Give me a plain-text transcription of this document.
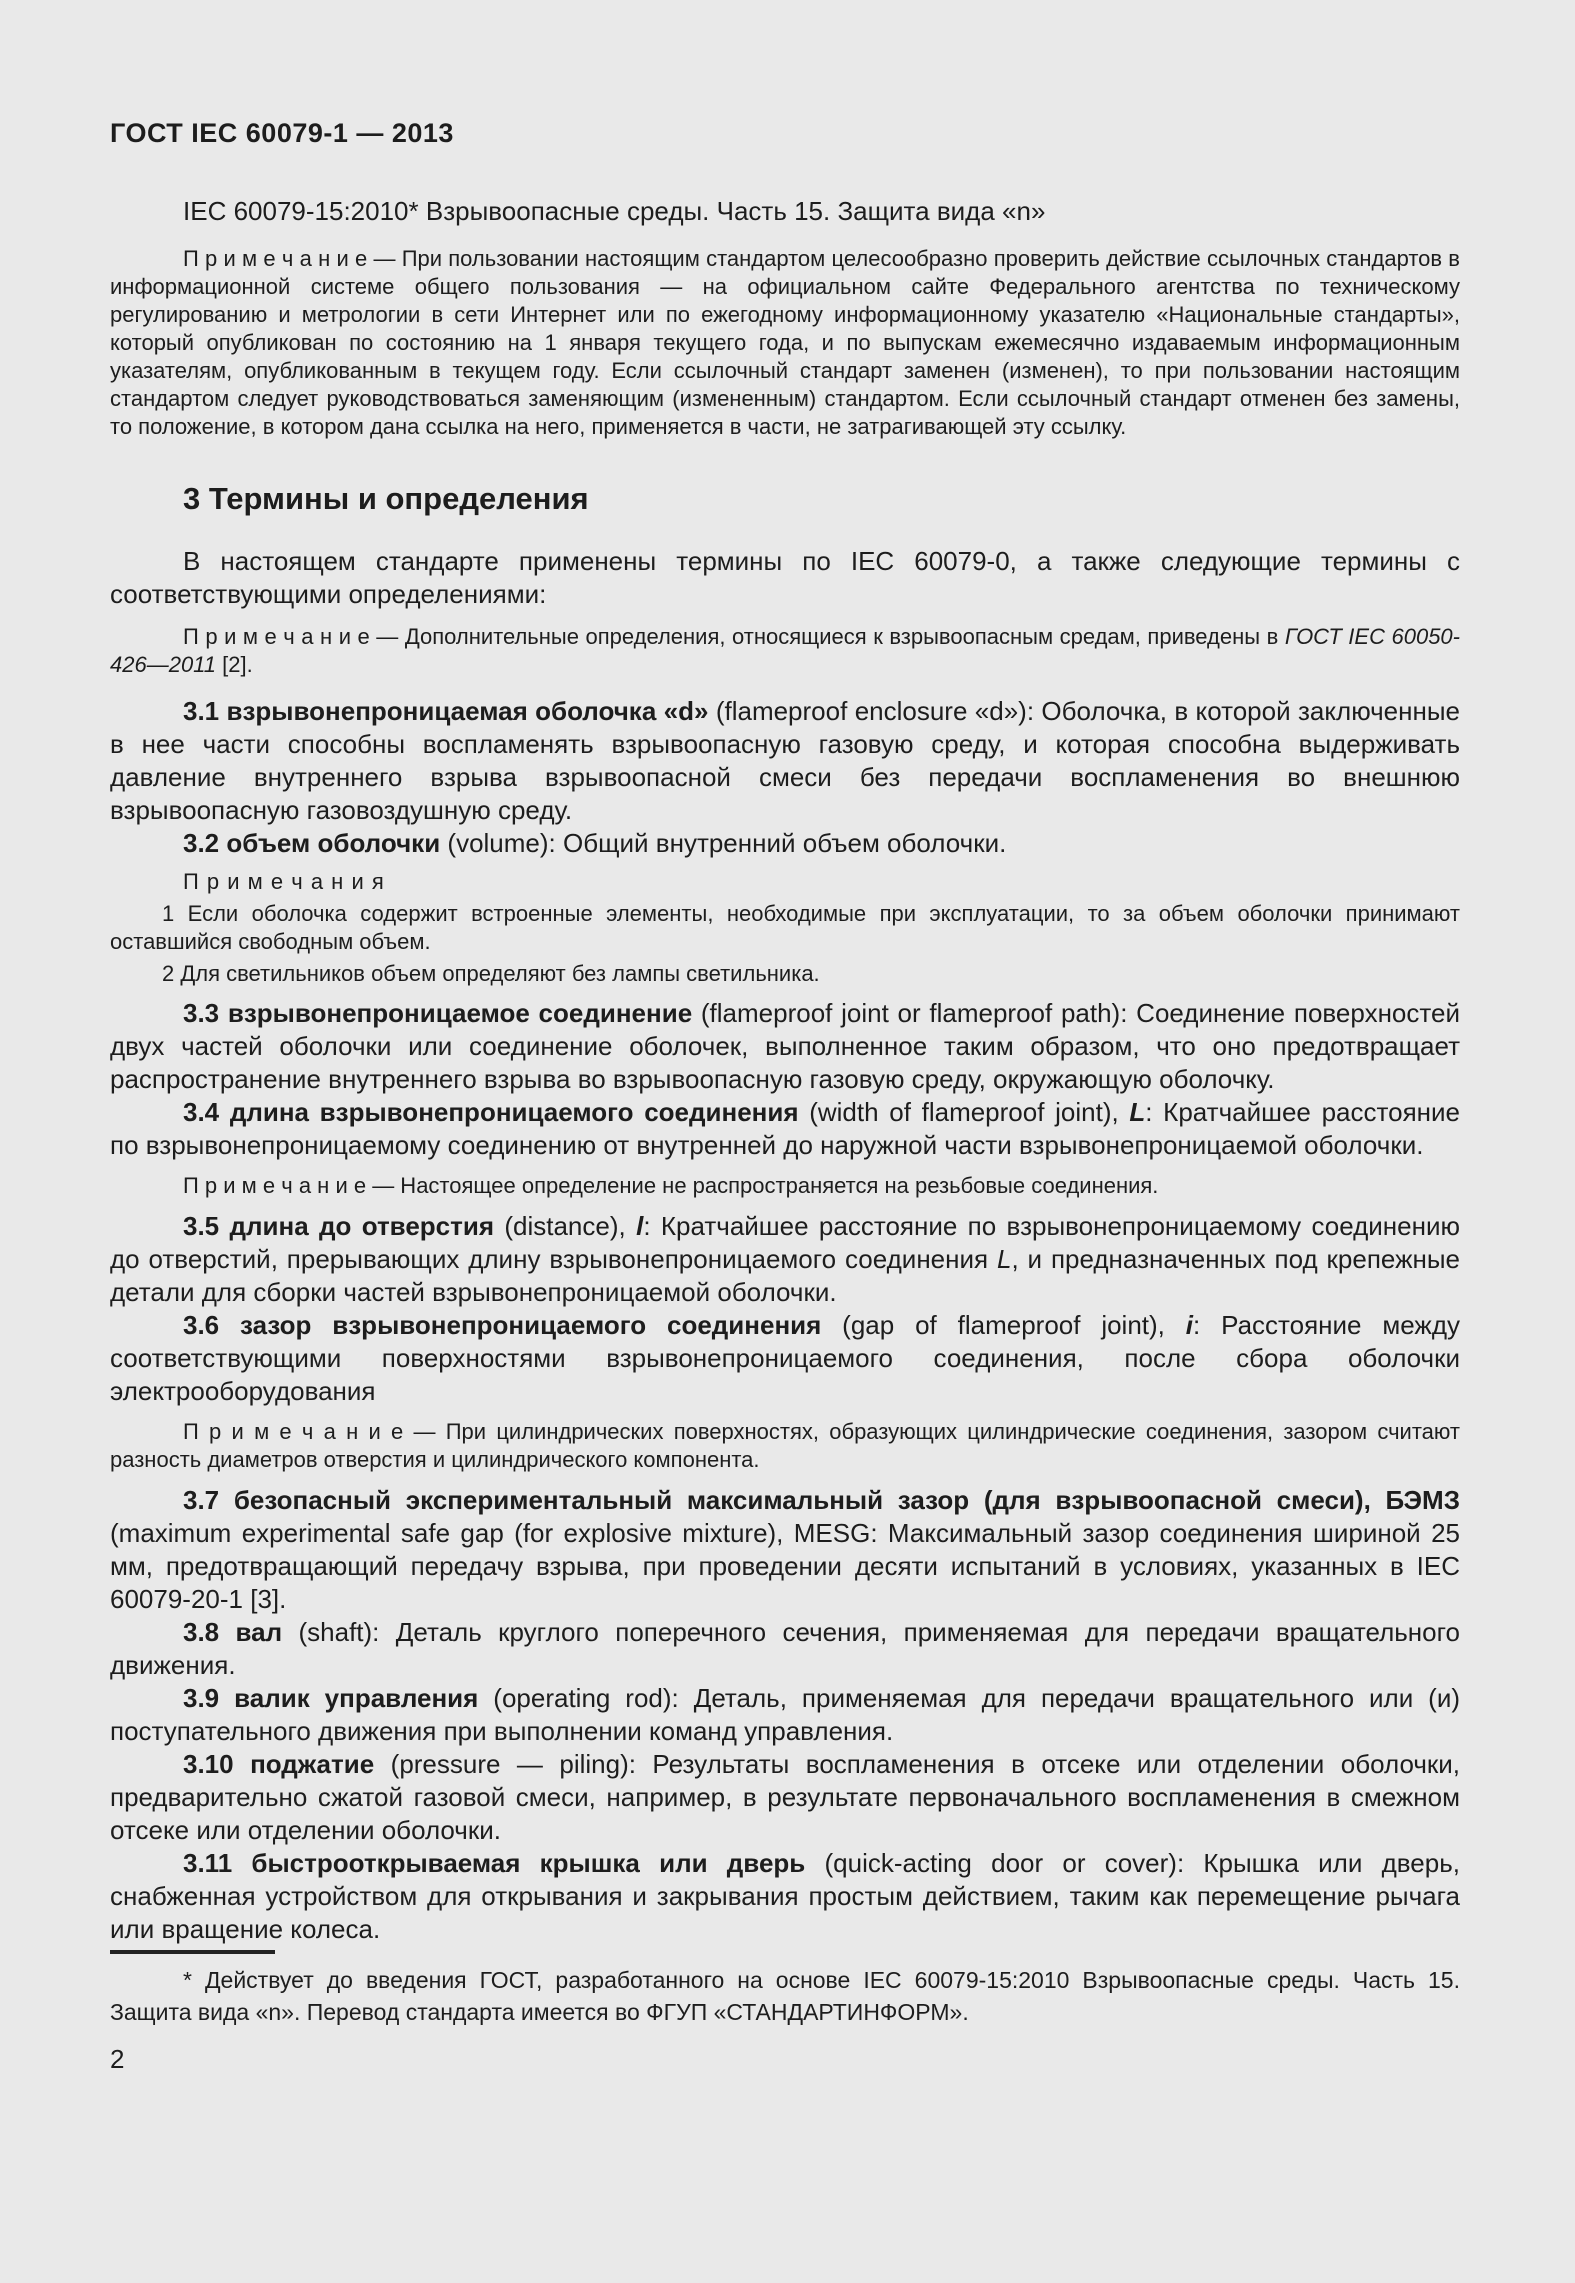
ГОСТ IEC 60079-1 — 2013

IEC 60079-15:2010* Взрывоопасные среды. Часть 15. Защита вида «n»

П р и м е ч а н и е — При пользовании настоящим стандартом целесообразно проверить действие ссылочных стандартов в информационной системе общего пользования — на официальном сайте Федерального агентства по техническому регулированию и метрологии в сети Интернет или по ежегодному информационному указателю «Национальные стандарты», который опубликован по состоянию на 1 января текущего года, и по выпускам ежемесячно издаваемым информационным указателям, опубликованным в текущем году. Если ссылочный стандарт заменен (изменен), то при пользовании настоящим стандартом следует руководствоваться заменяющим (измененным) стандартом. Если ссылочный стандарт отменен без замены, то положение, в котором дана ссылка на него, применяется в части, не затрагивающей эту ссылку.

3 Термины и определения

В настоящем стандарте применены термины по IEC 60079-0, а также следующие термины с соответствующими определениями:

П р и м е ч а н и е — Дополнительные определения, относящиеся к взрывоопасным средам, приведены в ГОСТ IEC 60050-426—2011 [2].

3.1 взрывонепроницаемая оболочка «d» (flameproof enclosure «d»): Оболочка, в которой заключенные в нее части способны воспламенять взрывоопасную газовую среду, и которая способна выдерживать давление внутреннего взрыва взрывоопасной смеси без передачи воспламенения во внешнюю взрывоопасную газовоздушную среду.

3.2 объем оболочки (volume): Общий внутренний объем оболочки.

П р и м е ч а н и я

1 Если оболочка содержит встроенные элементы, необходимые при эксплуатации, то за объем оболочки принимают оставшийся свободным объем.

2 Для светильников объем определяют без лампы светильника.

3.3 взрывонепроницаемое соединение (flameproof joint or flameproof path): Соединение поверхностей двух частей оболочки или соединение оболочек, выполненное таким образом, что оно предотвращает распространение внутреннего взрыва во взрывоопасную газовую среду, окружающую оболочку.

3.4 длина взрывонепроницаемого соединения (width of flameproof joint), L: Кратчайшее расстояние по взрывонепроницаемому соединению от внутренней до наружной части взрывонепроницаемой оболочки.

П р и м е ч а н и е — Настоящее определение не распространяется на резьбовые соединения.

3.5 длина до отверстия (distance), l: Кратчайшее расстояние по взрывонепроницаемому соединению до отверстий, прерывающих длину взрывонепроницаемого соединения L, и предназначенных под крепежные детали для сборки частей взрывонепроницаемой оболочки.

3.6 зазор взрывонепроницаемого соединения (gap of flameproof joint), i: Расстояние между соответствующими поверхностями взрывонепроницаемого соединения, после сбора оболочки электрооборудования

П р и м е ч а н и е — При цилиндрических поверхностях, образующих цилиндрические соединения, зазором считают разность диаметров отверстия и цилиндрического компонента.

3.7 безопасный экспериментальный максимальный зазор (для взрывоопасной смеси), БЭМЗ (maximum experimental safe gap (for explosive mixture), MESG: Максимальный зазор соединения шириной 25 мм, предотвращающий передачу взрыва, при проведении десяти испытаний в условиях, указанных в IEC 60079-20-1 [3].

3.8 вал (shaft): Деталь круглого поперечного сечения, применяемая для передачи вращательного движения.

3.9 валик управления (operating rod): Деталь, применяемая для передачи вращательного или (и) поступательного движения при выполнении команд управления.

3.10 поджатие (pressure — piling): Результаты воспламенения в отсеке или отделении оболочки, предварительно сжатой газовой смеси, например, в результате первоначального воспламенения в смежном отсеке или отделении оболочки.

3.11 быстрооткрываемая крышка или дверь (quick-acting door or cover): Крышка или дверь, снабженная устройством для открывания и закрывания простым действием, таким как перемещение рычага или вращение колеса.

* Действует до введения ГОСТ, разработанного на основе IEC 60079-15:2010 Взрывоопасные среды. Часть 15. Защита вида «n». Перевод стандарта имеется во ФГУП «СТАНДАРТИНФОРМ».

2
